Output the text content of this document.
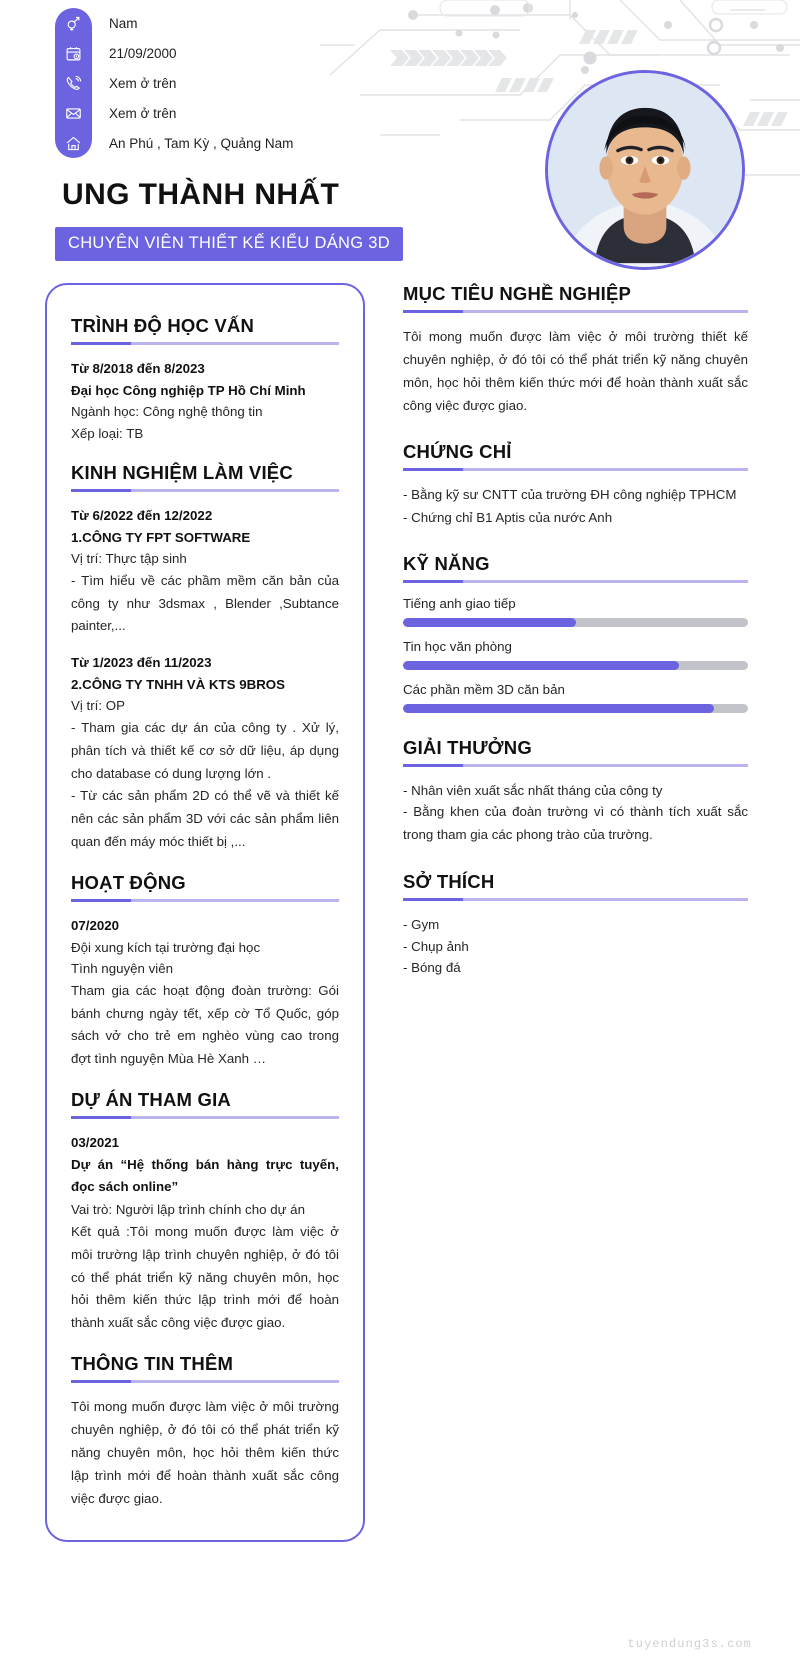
Nam
21/09/2000
Xem ở trên
Xem ở trên
An Phú , Tam Kỳ , Quảng Nam
UNG THÀNH NHẤT
CHUYÊN VIÊN THIẾT KẾ KIỂU DÁNG 3D
TRÌNH ĐỘ HỌC VẤN
Từ 8/2018 đến 8/2023
Đại học Công nghiệp TP Hồ Chí Minh
Ngành học: Công nghệ thông tin
Xếp loại: TB
KINH NGHIỆM LÀM VIỆC
Từ 6/2022 đến 12/2022
1.CÔNG TY FPT SOFTWARE
Vị trí: Thực tập sinh
- Tìm hiểu về các phầm mềm căn bản của công ty như 3dsmax , Blender ,Subtance painter,...
Từ 1/2023 đến 11/2023
2.CÔNG TY TNHH VÀ KTS 9BROS
Vị trí: OP
- Tham gia các dự án của công ty . Xử lý, phân tích và thiết kế cơ sở dữ liệu, áp dụng cho database có dung lượng lớn .
- Từ các sản phẩm 2D có thể vẽ và thiết kế nên các sản phẩm 3D với các sản phẩm liên quan đến máy móc thiết bị ,...
HOẠT ĐỘNG
07/2020
Đội xung kích tại trường đại học
Tình nguyện viên
Tham gia các hoạt động đoàn trường: Gói bánh chưng ngày tết, xếp cờ Tổ Quốc, góp sách vở cho trẻ em nghèo vùng cao trong đợt tình nguyện Mùa Hè Xanh …
DỰ ÁN THAM GIA
03/2021
Dự án “Hệ thống bán hàng trực tuyến, đọc sách online”
Vai trò: Người lập trình chính cho dự án
Kết quả :Tôi mong muốn được làm việc ở môi trường lập trình chuyên nghiệp, ở đó tôi có thể phát triển kỹ năng chuyên môn, học hỏi thêm kiến thức lập trình mới để hoàn thành xuất sắc công việc được giao.
THÔNG TIN THÊM
Tôi mong muốn được làm việc ở môi trường chuyên nghiệp, ở đó tôi có thể phát triển kỹ năng chuyên môn, học hỏi thêm kiến thức lập trình mới để hoàn thành xuất sắc công việc được giao.
MỤC TIÊU NGHỀ NGHIỆP
Tôi mong muốn được làm việc ở môi trường thiết kế chuyên nghiệp, ở đó tôi có thể phát triển kỹ năng chuyên môn, học hỏi thêm kiến thức mới để hoàn thành xuất sắc công việc được giao.
CHỨNG CHỈ
- Bằng kỹ sư CNTT của trường ĐH công nghiệp TPHCM
- Chứng chỉ B1 Aptis của nước Anh
KỸ NĂNG
Tiếng anh giao tiếp
Tin học văn phòng
Các phần mềm 3D căn bản
GIẢI THƯỞNG
- Nhân viên xuất sắc nhất tháng của công ty
- Bằng khen của đoàn trường vì có thành tích xuất sắc trong tham gia các phong trào của trường.
SỞ THÍCH
- Gym
- Chụp ảnh
- Bóng đá
tuyendung3s.com
